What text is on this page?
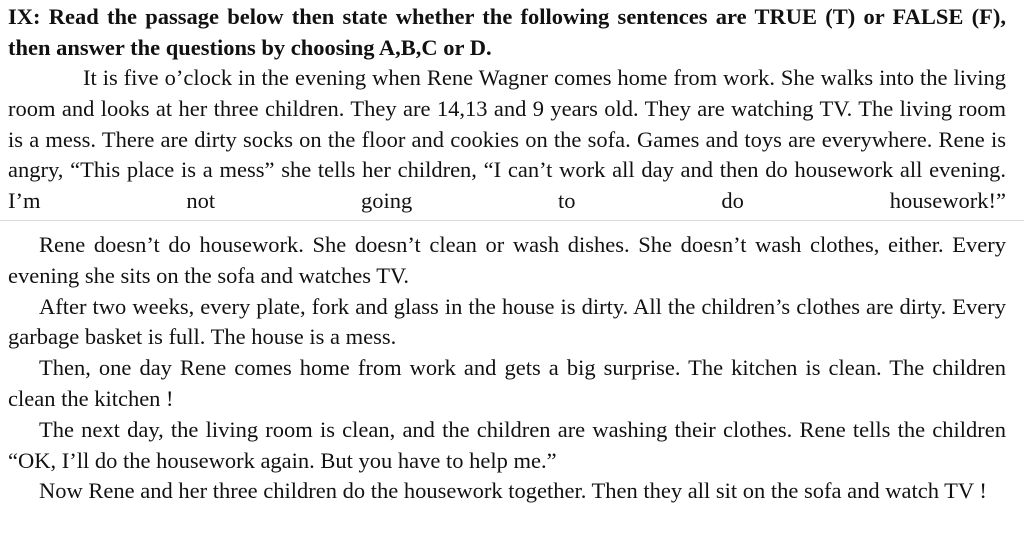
IX: Read the passage below then state whether the following sentences are TRUE (T) or FALSE (F), then answer the questions by choosing A,B,C or D.

It is five o’clock in the evening when Rene Wagner comes home from work. She walks into the living room and looks at her three children. They are 14,13 and 9 years old. They are watching TV. The living room is a mess. There are dirty socks on the floor and cookies on the sofa. Games and toys are everywhere. Rene is angry, “This place is a mess” she tells her children, “I can’t work all day and then do housework all evening. I’m not going to do housework!”

Rene doesn’t do housework. She doesn’t clean or wash dishes. She doesn’t wash clothes, either. Every evening she sits on the sofa and watches TV.

After two weeks, every plate, fork and glass in the house is dirty. All the children’s clothes are dirty. Every garbage basket is full. The house is a mess.

Then, one day Rene comes home from work and gets a big surprise. The kitchen is clean. The children clean the kitchen !

The next day, the living room is clean, and the children are washing their clothes. Rene tells the children “OK, I’ll do the housework again. But you have to help me.”

Now Rene and her three children do the housework together. Then they all sit on the sofa and watch TV !
